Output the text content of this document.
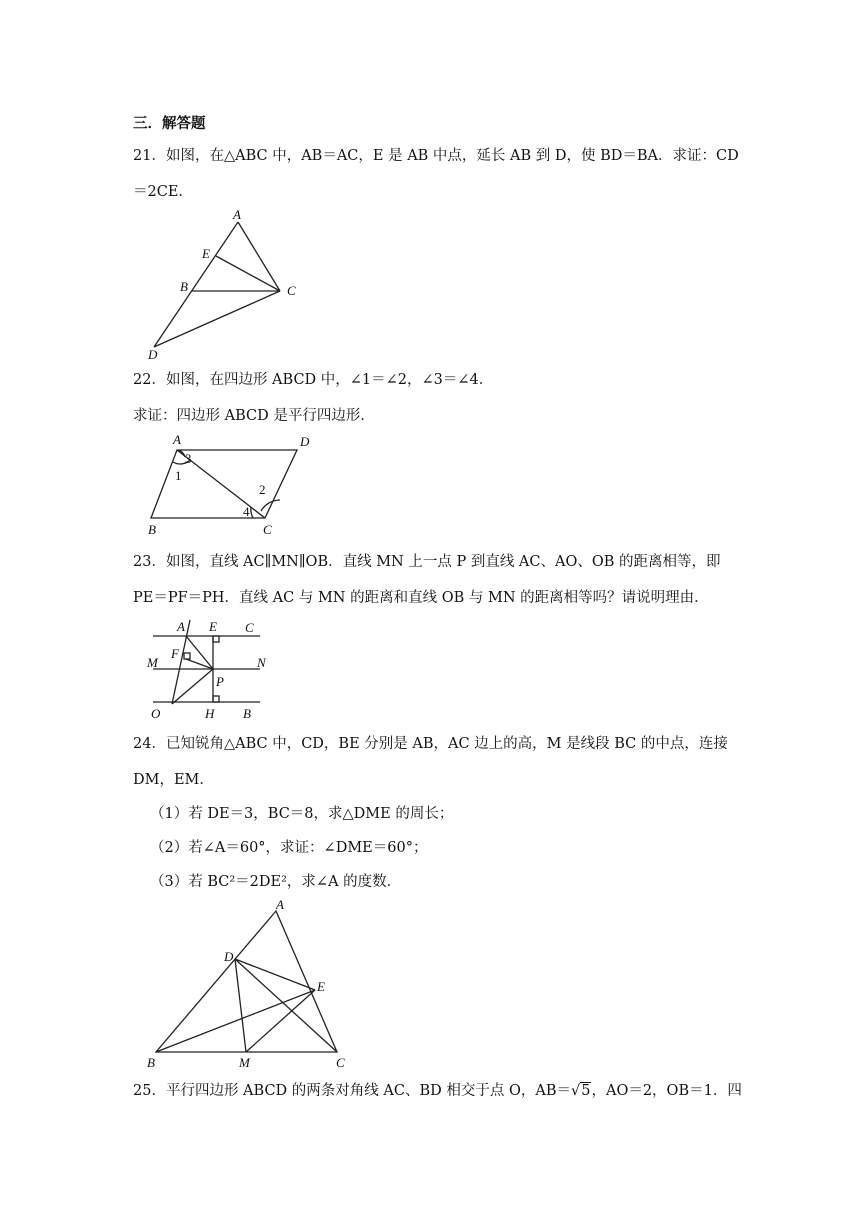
三．解答题
21．如图，在△ABC 中，AB＝AC，E 是 AB 中点，延长 AB 到 D，使 BD＝BA．求证：CD
＝2CE．
A
E
B	C
D
22．如图，在四边形 ABCD 中，∠1＝∠2，∠3＝∠4．
求证：四边形 ABCD 是平行四边形．
A	D
B	C
1
2
3
4
23．如图，直线 AC∥MN∥OB．直线 MN 上一点 P 到直线 AC、AO、OB 的距离相等，即
PE＝PF＝PH．直线 AC 与 MN 的距离和直线 OB 与 MN 的距离相等吗？请说明理由．
A E C
M
F
N
P
O	H B
24．已知锐角△ABC 中，CD，BE 分别是 AB，AC 边上的高，M 是线段 BC 的中点，连接
DM，EM．
（1）若 DE＝3，BC＝8，求△DME 的周长；
（2）若∠A＝60°，求证：∠DME＝60°；
（3）若 BC²＝2DE²，求∠A 的度数．
A
D
E
B	M	C
25．平行四边形 ABCD 的两条对角线 AC、BD 相交于点 O，AB＝√5，AO＝2，OB＝1．四
